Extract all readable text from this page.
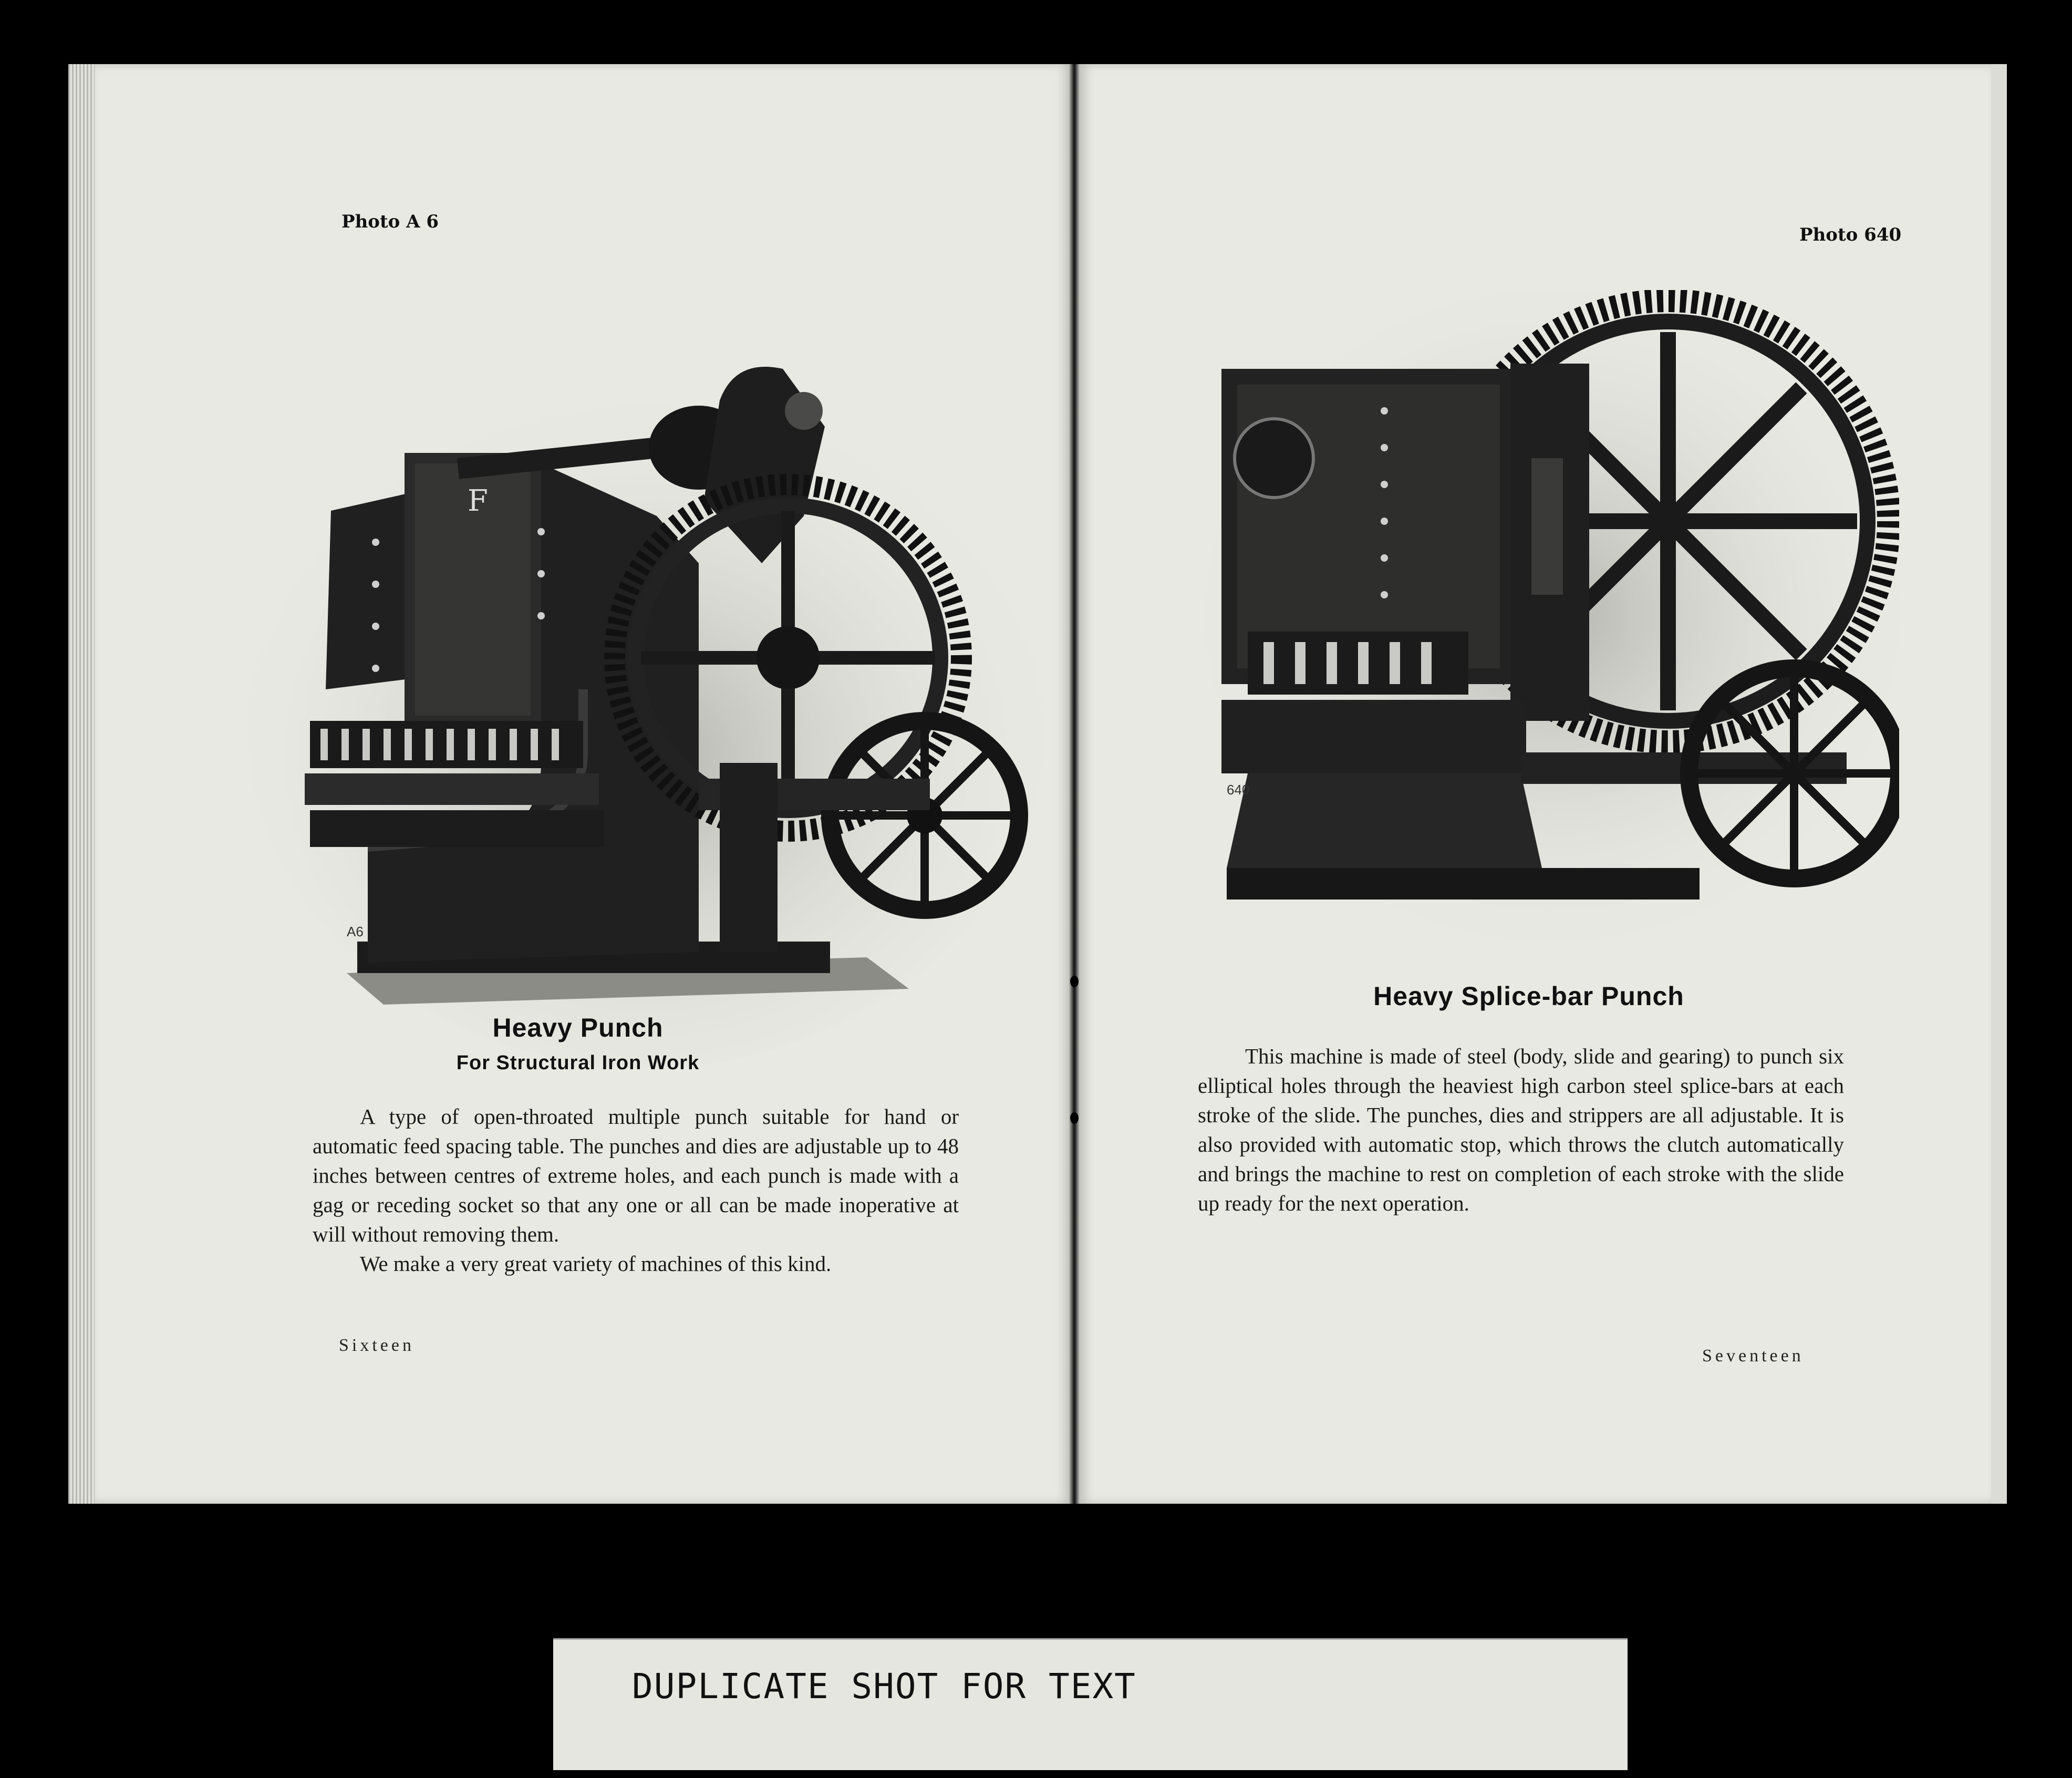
Photo A 6
F
A6
Heavy Punch
For Structural Iron Work

A type of open-throated multiple punch suitable for hand or automatic feed spacing table. The punches and dies are adjustable up to 48 inches between centres of extreme holes, and each punch is made with a gag or receding socket so that any one or all can be made inoperative at will without removing them.

We make a very great variety of machines of this kind.

Sixteen
Photo 640
640
Heavy Splice-bar Punch

This machine is made of steel (body, slide and gearing) to punch six elliptical holes through the heaviest high carbon steel splice-bars at each stroke of the slide. The punches, dies and strippers are all adjustable. It is also provided with automatic stop, which throws the clutch automatically and brings the machine to rest on completion of each stroke with the slide up ready for the next operation.

Seventeen
DUPLICATE SHOT FOR TEXT
